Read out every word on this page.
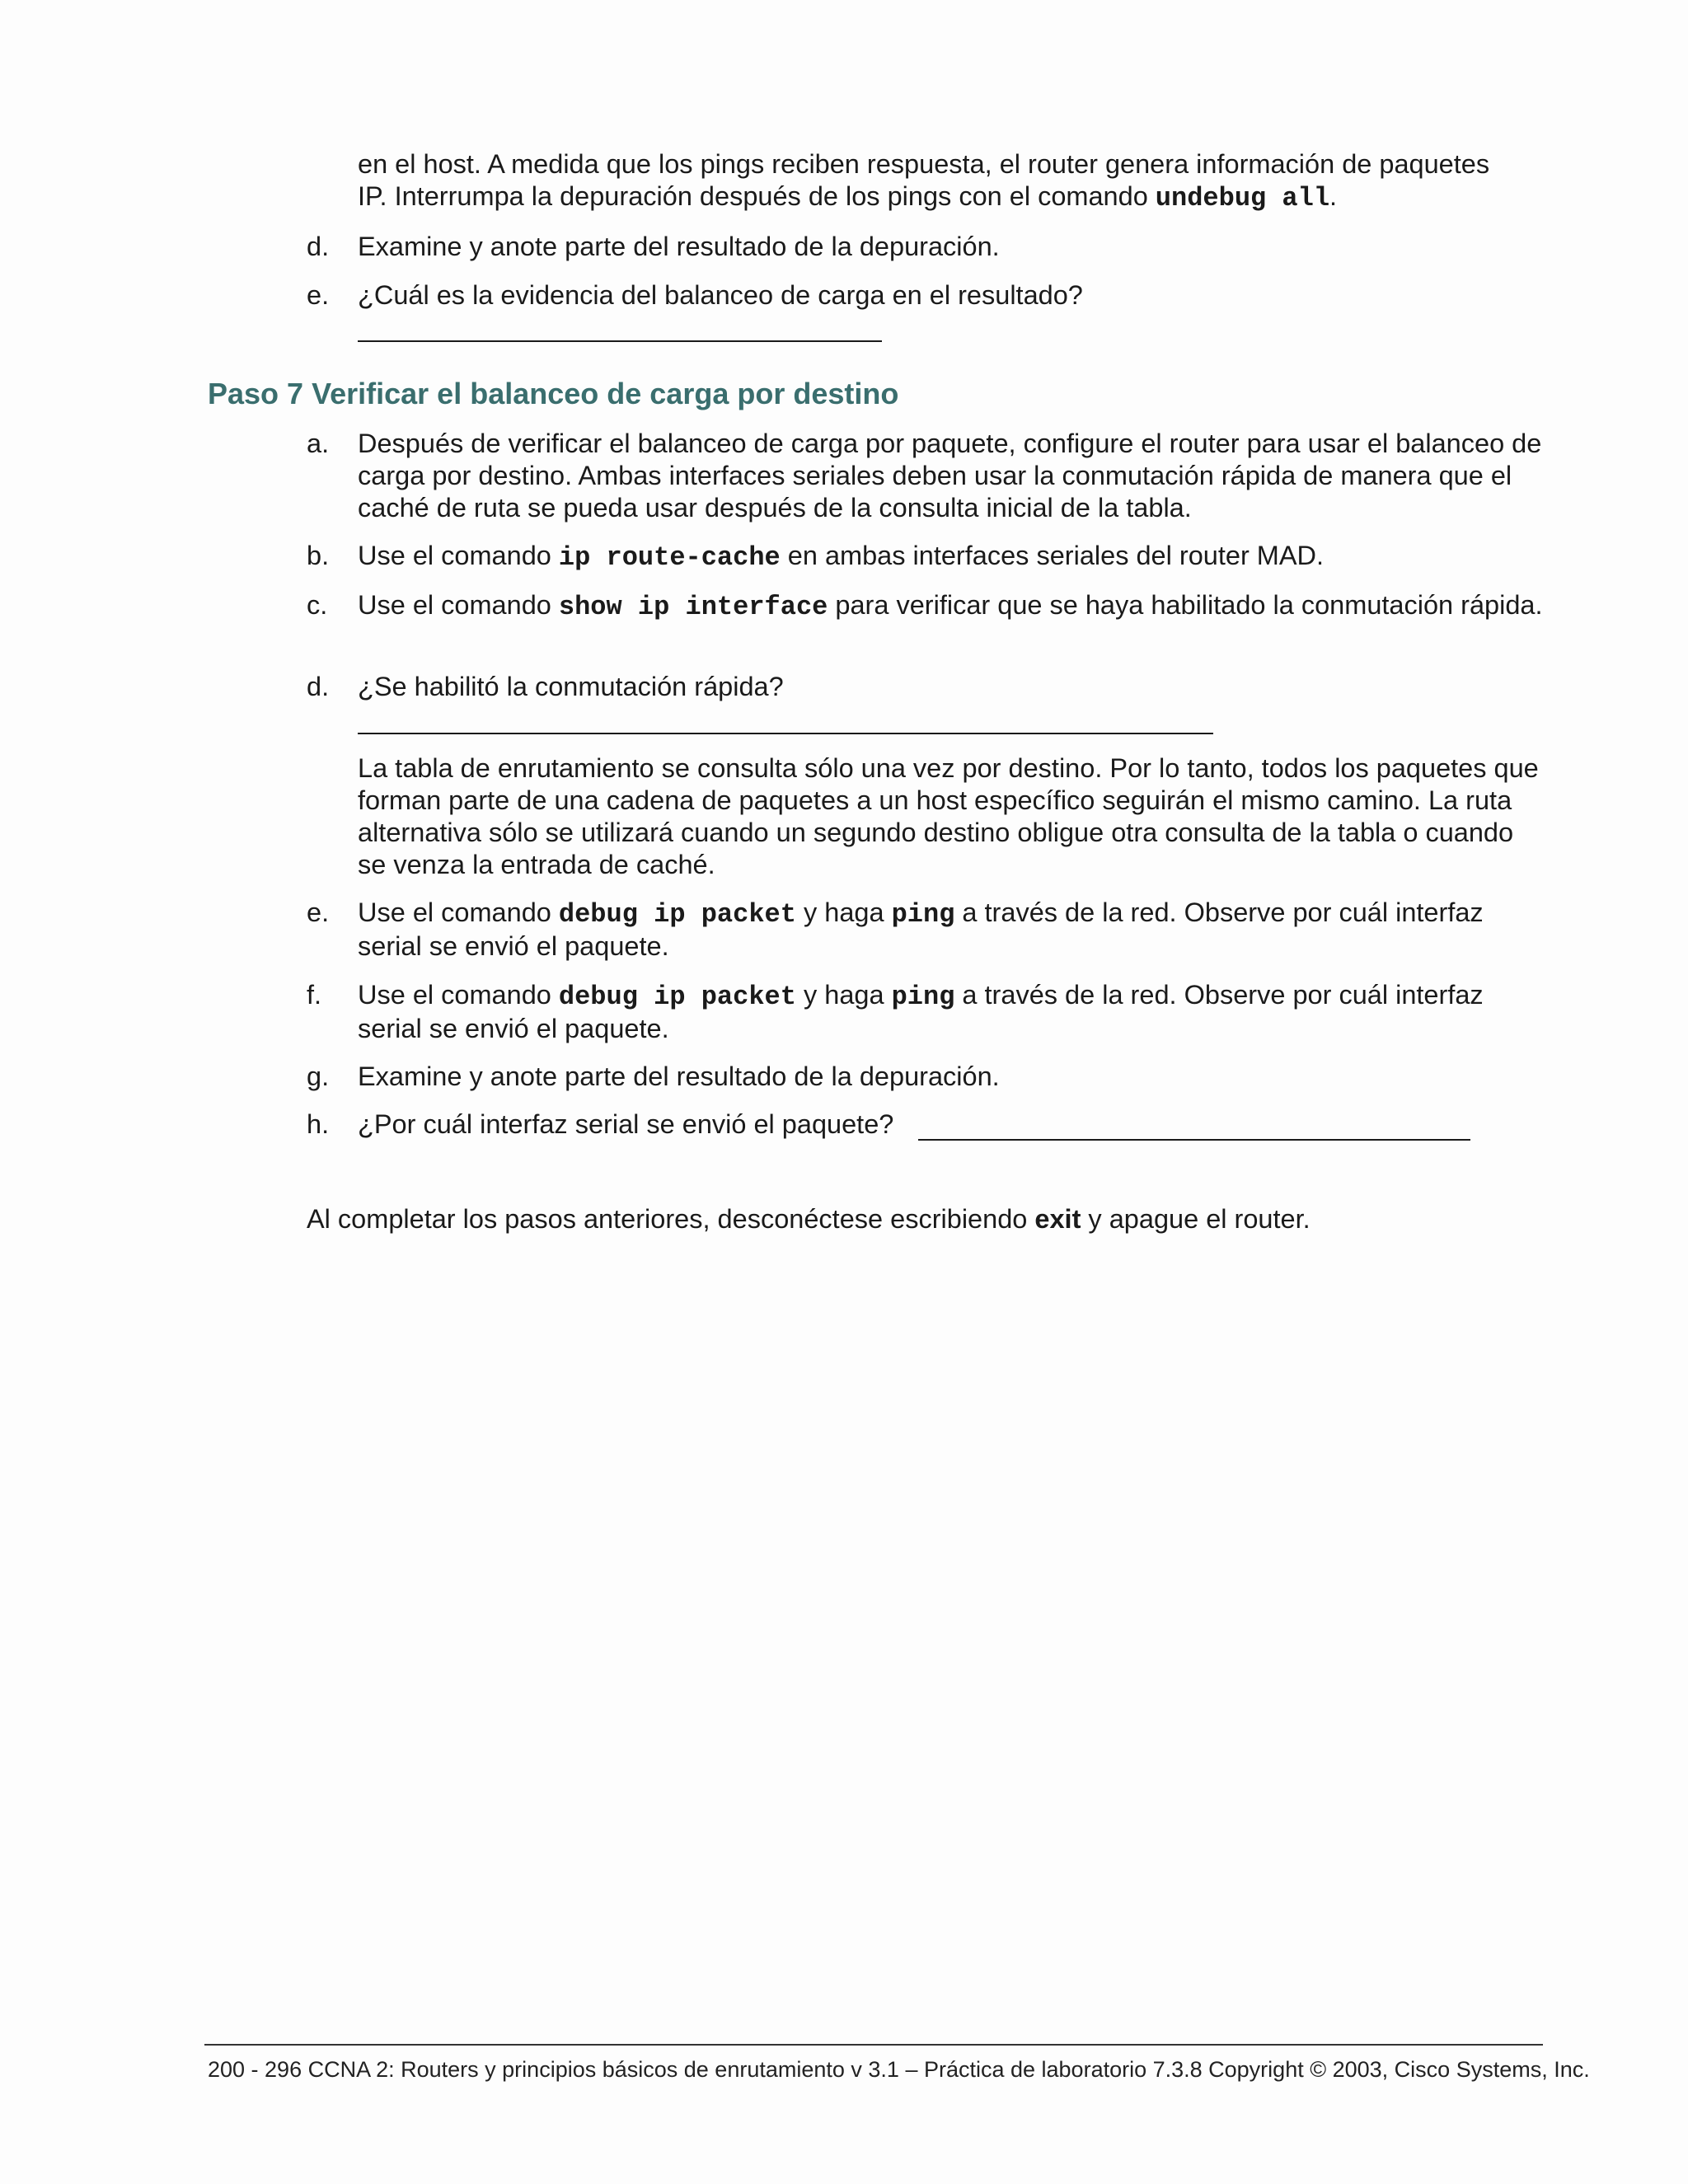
en el host. A medida que los pings reciben respuesta, el router genera información de paquetes
IP. Interrumpa la depuración después de los pings con el comando undebug all.
d.	Examine y anote parte del resultado de la depuración.
e.	¿Cuál es la evidencia del balanceo de carga en el resultado?
Paso 7 Verificar el balanceo de carga por destino
a.	Después de verificar el balanceo de carga por paquete, configure el router para usar el balanceo de carga por destino. Ambas interfaces seriales deben usar la conmutación rápida de manera que el caché de ruta se pueda usar después de la consulta inicial de la tabla.
b.	Use el comando ip route-cache en ambas interfaces seriales del router MAD.
c.	Use el comando show ip interface para verificar que se haya habilitado la conmutación rápida.
d.	¿Se habilitó la conmutación rápida?
La tabla de enrutamiento se consulta sólo una vez por destino. Por lo tanto, todos los paquetes que forman parte de una cadena de paquetes a un host específico seguirán el mismo camino. La ruta alternativa sólo se utilizará cuando un segundo destino obligue otra consulta de la tabla o cuando se venza la entrada de caché.
e.	Use el comando debug ip packet y haga ping a través de la red. Observe por cuál interfaz serial se envió el paquete.
f.	Use el comando debug ip packet y haga ping a través de la red. Observe por cuál interfaz serial se envió el paquete.
g.	Examine y anote parte del resultado de la depuración.
h.	¿Por cuál interfaz serial se envió el paquete?
Al completar los pasos anteriores, desconéctese escribiendo exit y apague el router.
200 - 296 CCNA 2: Routers y principios básicos de enrutamiento v 3.1 – Práctica de laboratorio 7.3.8 Copyright © 2003, Cisco Systems, Inc.
